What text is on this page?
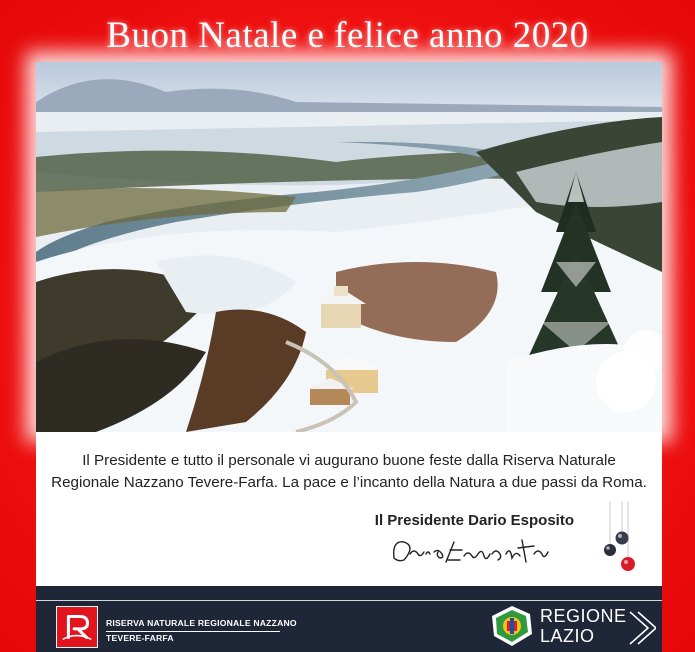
Buon Natale e felice anno 2020
Il Presidente e tutto il personale vi augurano buone feste dalla Riserva Naturale
Regionale Nazzano Tevere-Farfa. La pace e l’incanto della Natura a due passi da Roma.
Il Presidente Dario Esposito
RISERVA NATURALE REGIONALE NAZZANO
TEVERE-FARFA
REGIONE
LAZIO
